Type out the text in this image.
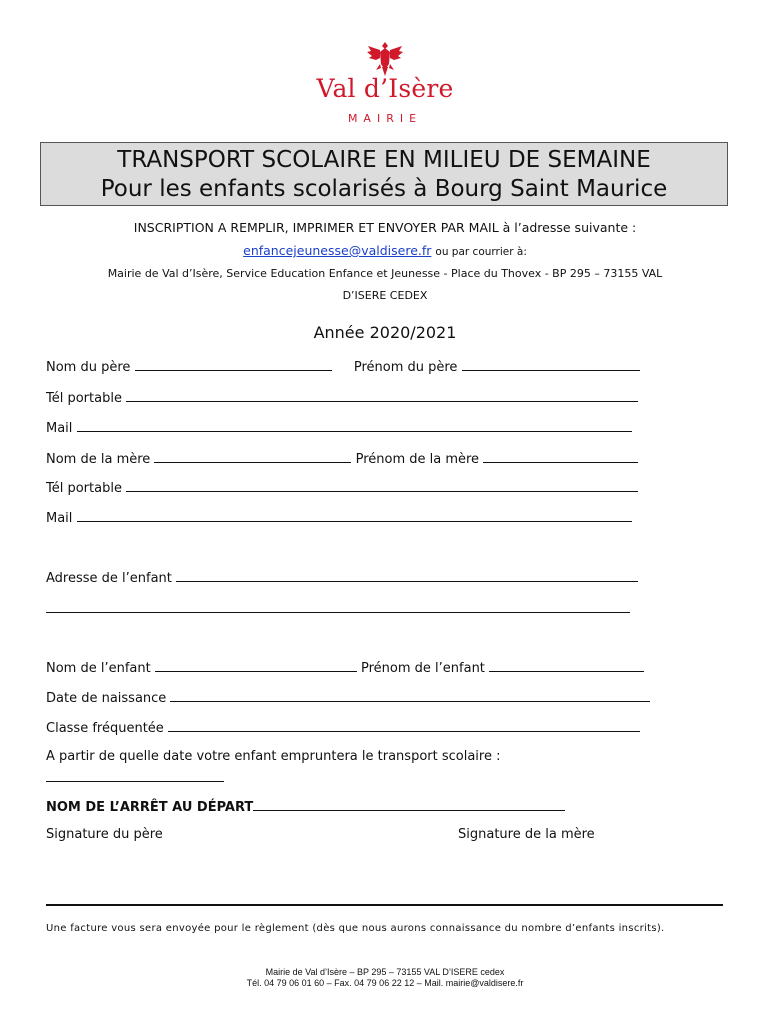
Val d’Isère
MAIRIE
TRANSPORT SCOLAIRE EN MILIEU DE SEMAINE
Pour les enfants scolarisés à Bourg Saint Maurice
INSCRIPTION A REMPLIR, IMPRIMER ET ENVOYER PAR MAIL à l’adresse suivante :
enfancejeunesse@valdisere.fr ou par courrier à:
Mairie de Val d’Isère, Service Education Enfance et Jeunesse - Place du Thovex - BP 295 – 73155 VAL
D’ISERE CEDEX
Année 2020/2021
Nom du père	Prénom du père
Tél portable
Mail
Nom de la mère	Prénom de la mère
Tél portable
Mail
Adresse de l’enfant
Nom de l’enfant	Prénom de l’enfant
Date de naissance
Classe fréquentée
A partir de quelle date votre enfant empruntera le transport scolaire :
NOM DE L’ARRÊT AU DÉPART
Signature du père	Signature de la mère
Une facture vous sera envoyée pour le règlement (dès que nous aurons connaissance du nombre d’enfants inscrits).
Mairie de Val d’Isère – BP 295 – 73155 VAL D’ISERE cedex
Tél. 04 79 06 01 60 – Fax. 04 79 06 22 12 – Mail. mairie@valdisere.fr
